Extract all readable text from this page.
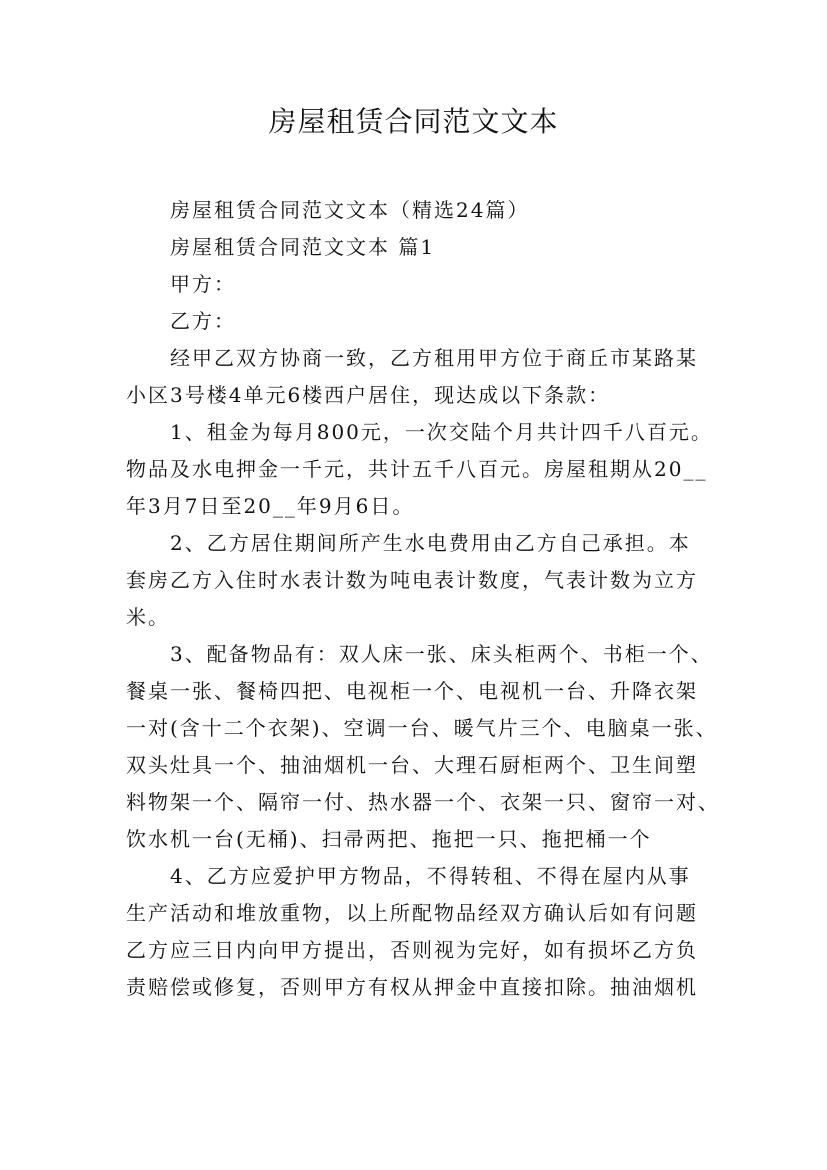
房屋租赁合同范文文本

房屋租赁合同范文文本（精选24篇）

房屋租赁合同范文文本 篇1

甲方：

乙方：

经甲乙双方协商一致，乙方租用甲方位于商丘市某路某

小区3号楼4单元6楼西户居住，现达成以下条款：

1、租金为每月800元，一次交陆个月共计四千八百元。

物品及水电押金一千元，共计五千八百元。房屋租期从20__

年3月7日至20__年9月6日。

2、乙方居住期间所产生水电费用由乙方自己承担。本

套房乙方入住时水表计数为吨电表计数度，气表计数为立方

米。

3、配备物品有：双人床一张、床头柜两个、书柜一个、

餐桌一张、餐椅四把、电视柜一个、电视机一台、升降衣架

一对(含十二个衣架)、空调一台、暖气片三个、电脑桌一张、

双头灶具一个、抽油烟机一台、大理石厨柜两个、卫生间塑

料物架一个、隔帘一付、热水器一个、衣架一只、窗帘一对、

饮水机一台(无桶)、扫帚两把、拖把一只、拖把桶一个

4、乙方应爱护甲方物品，不得转租、不得在屋内从事

生产活动和堆放重物，以上所配物品经双方确认后如有问题

乙方应三日内向甲方提出，否则视为完好，如有损坏乙方负

责赔偿或修复，否则甲方有权从押金中直接扣除。抽油烟机
